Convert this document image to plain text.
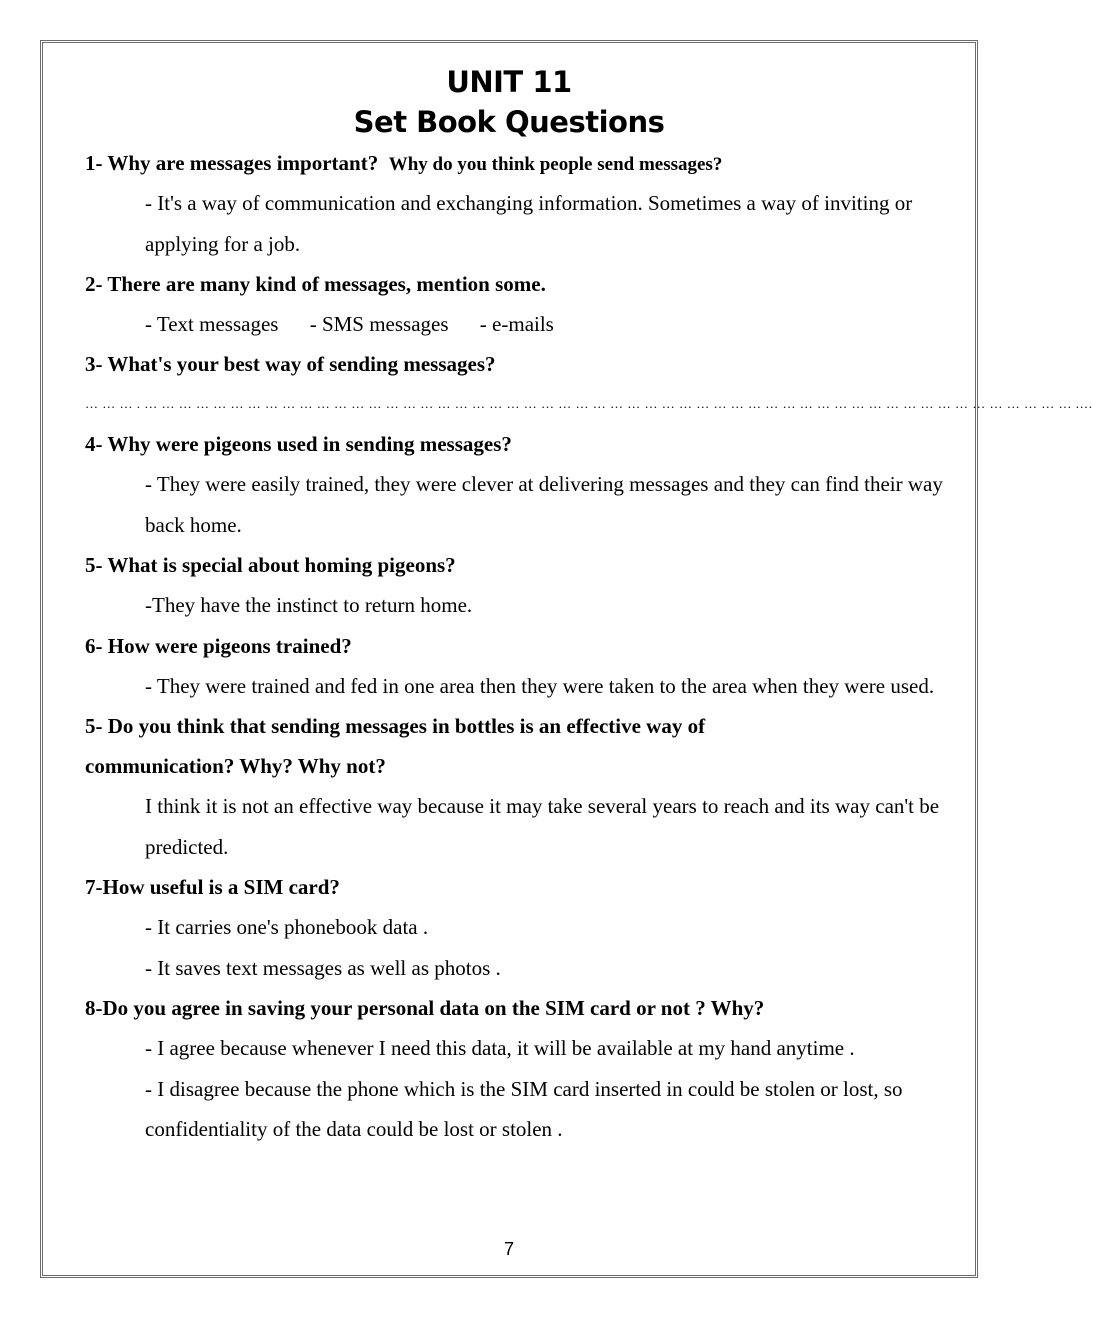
UNIT 11
Set Book Questions
1- Why are messages important? Why do you think people send messages?
- It's a way of communication and exchanging information. Sometimes a way of inviting or applying for a job.
2- There are many kind of messages, mention some.
- Text messages - SMS messages - e-mails
3- What's your best way of sending messages?
… … … . … … … … … … … … … … … … … … … … … … … … … … … … … … … … … … … … … … … … … … … … … … … … … … … … … … … … … … .…
4- Why were pigeons used in sending messages?
- They were easily trained, they were clever at delivering messages and they can find their way back home.
5- What is special about homing pigeons?
-They have the instinct to return home.
6- How were pigeons trained?
- They were trained and fed in one area then they were taken to the area when they were used.
5- Do you think that sending messages in bottles is an effective way of
communication? Why? Why not?
I think it is not an effective way because it may take several years to reach and its way can't be predicted.
7-How useful is a SIM card?
- It carries one's phonebook data .
- It saves text messages as well as photos .
8-Do you agree in saving your personal data on the SIM card or not ? Why?
- I agree because whenever I need this data, it will be available at my hand anytime .
- I disagree because the phone which is the SIM card inserted in could be stolen or lost, so confidentiality of the data could be lost or stolen .
7
